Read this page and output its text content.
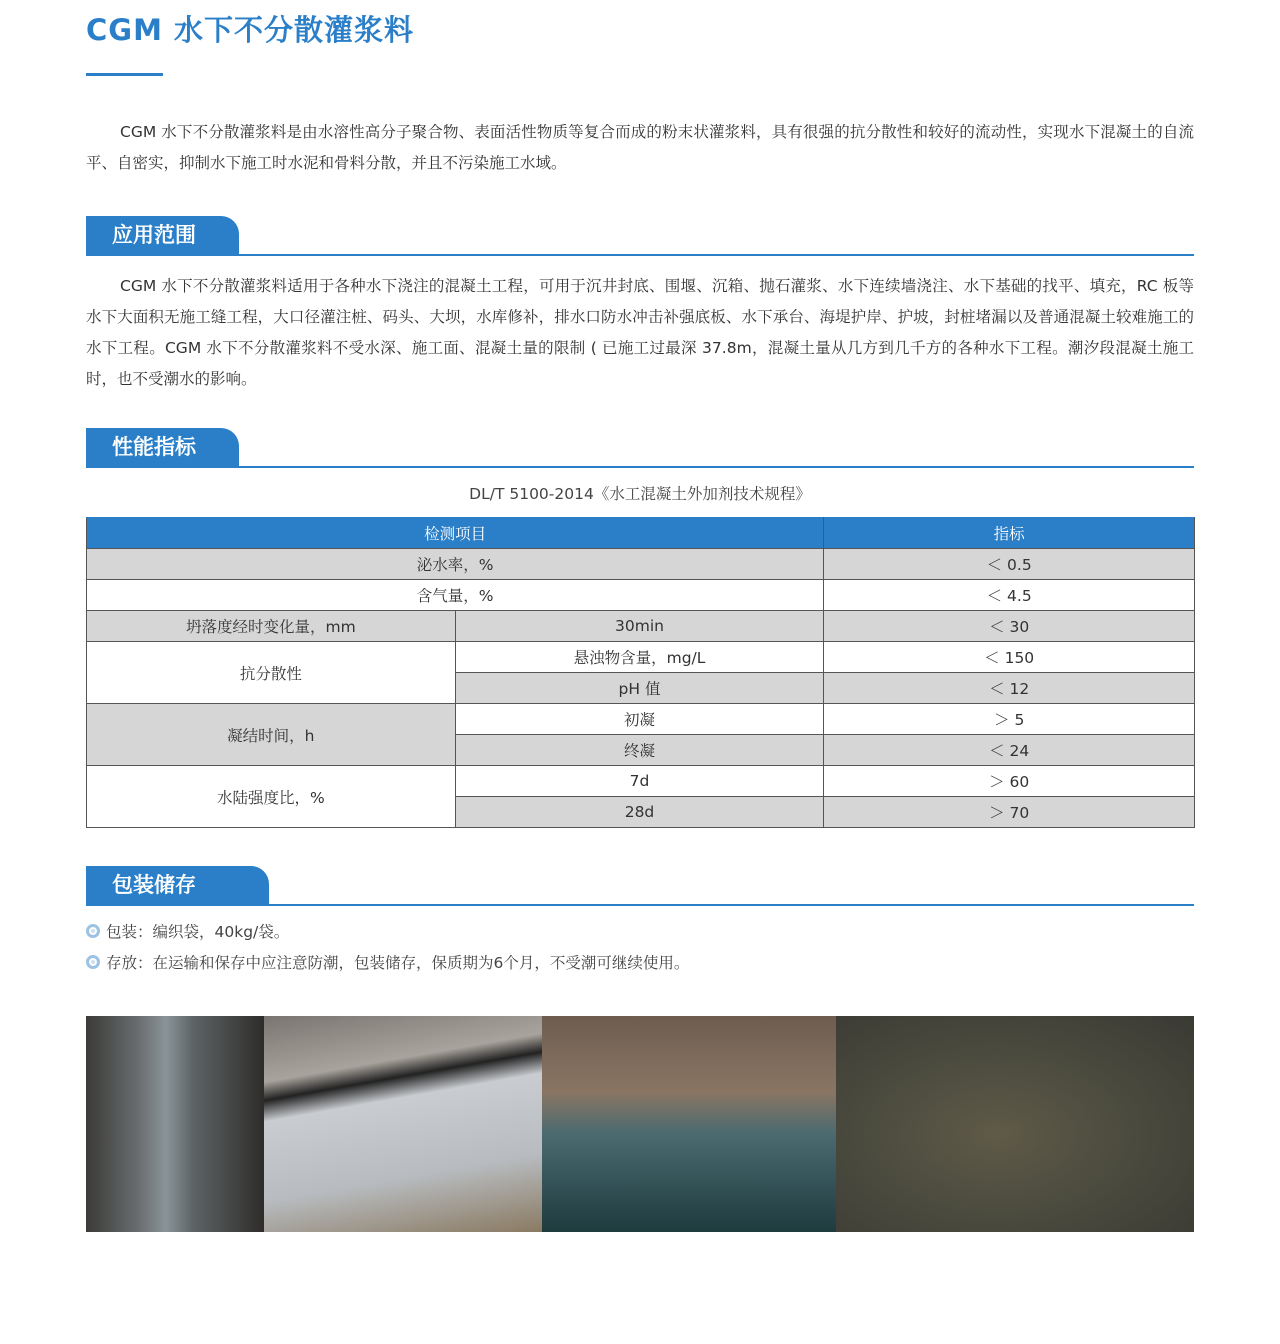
CGM 水下不分散灌浆料
CGM 水下不分散灌浆料是由水溶性高分子聚合物、表面活性物质等复合而成的粉末状灌浆料，具有很强的抗分散性和较好的流动性，实现水下混凝土的自流平、自密实，抑制水下施工时水泥和骨料分散，并且不污染施工水域。
应用范围
CGM 水下不分散灌浆料适用于各种水下浇注的混凝土工程，可用于沉井封底、围堰、沉箱、抛石灌浆、水下连续墙浇注、水下基础的找平、填充，RC 板等水下大面积无施工缝工程，大口径灌注桩、码头、大坝，水库修补，排水口防水冲击补强底板、水下承台、海堤护岸、护坡，封桩堵漏以及普通混凝土较难施工的水下工程。CGM 水下不分散灌浆料不受水深、施工面、混凝土量的限制 ( 已施工过最深 37.8m，混凝土量从几方到几千方的各种水下工程。潮汐段混凝土施工时，也不受潮水的影响。
性能指标
DL/T 5100-2014《水工混凝土外加剂技术规程》
检测项目		指标
泌水率，%		＜ 0.5
含气量，%		＜ 4.5
坍落度经时变化量，mm	30min	＜ 30
抗分散性	悬浊物含量，mg/L	＜ 150
	pH 值	＜ 12
凝结时间，h	初凝	＞ 5
	终凝	＜ 24
水陆强度比，%	7d	＞ 60
	28d	＞ 70
包装储存
包装：编织袋，40kg/袋。
存放：在运输和保存中应注意防潮，包装储存，保质期为6个月，不受潮可继续使用。
